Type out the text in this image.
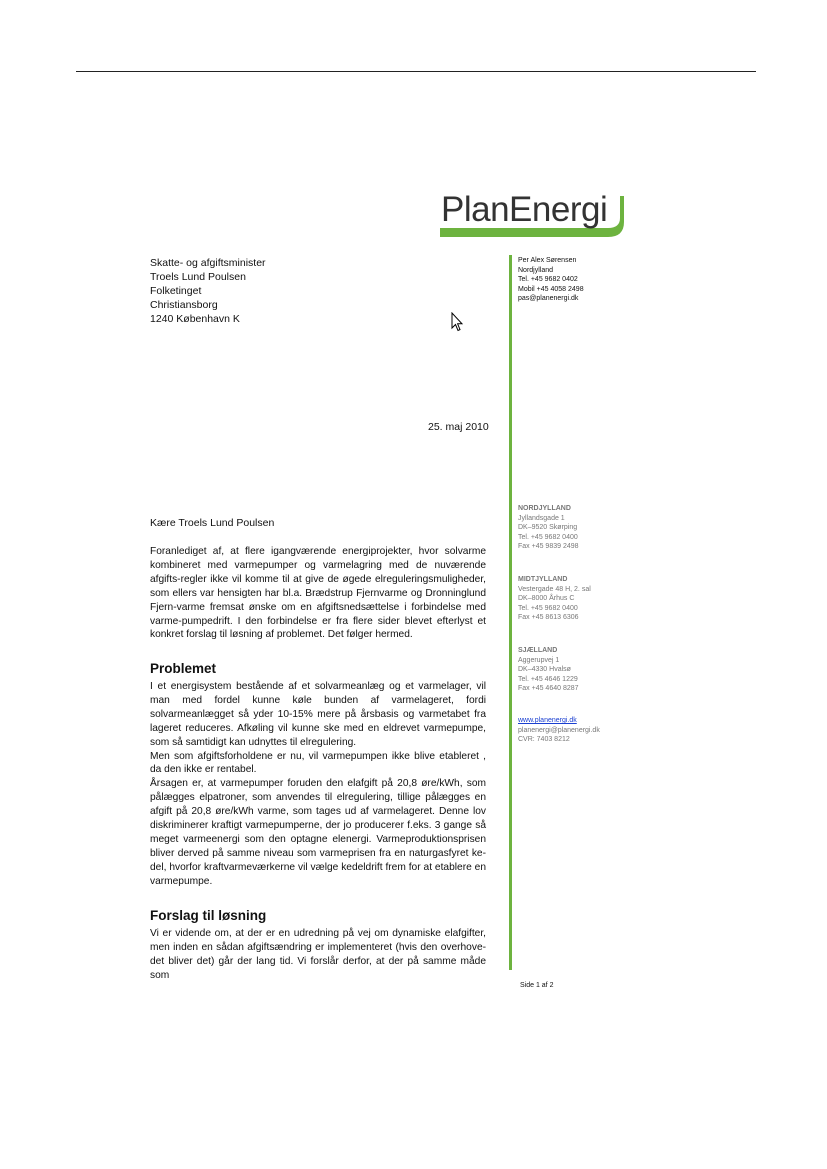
PlanEnergi
Skatte- og afgiftsminister
Troels Lund Poulsen
Folketinget
Christiansborg
1240 København K
Per Alex Sørensen
Nordjylland
Tel. +45 9682 0402
Mobil +45 4058 2498
pas@planenergi.dk
25. maj 2010
NORDJYLLAND
Jyllandsgade 1
DK–9520 Skørping
Tel. +45 9682 0400
Fax +45 9839 2498
MIDTJYLLAND
Vestergade 48 H, 2. sal
DK–8000 Århus C
Tel. +45 9682 0400
Fax +45 8613 6306
SJÆLLAND
Aggerupvej 1
DK–4330 Hvalsø
Tel. +45 4646 1229
Fax +45 4640 8287
www.planenergi.dk
planenergi@planenergi.dk
CVR: 7403 8212
Kære Troels Lund Poulsen

Foranlediget af, at flere igangværende energiprojekter, hvor solvarme kombineret med varmepumper og varmelagring med de nuværende afgifts-regler ikke vil komme til at give de øgede elreguleringsmuligheder, som ellers var hensigten har bl.a. Brædstrup Fjernvarme og Dronninglund Fjern-varme fremsat ønske om en afgiftsnedsættelse i forbindelse med varme-pumpedrift. I den forbindelse er fra flere sider blevet efterlyst et konkret forslag til løsning af problemet. Det følger hermed.

Problemet

I et energisystem bestående af et solvarmeanlæg og et varmelager, vil man med fordel kunne køle bunden af varmelageret, fordi solvarmeanlægget så yder 10-15% mere på årsbasis og varmetabet fra lageret reduceres. Afkøling vil kunne ske med en eldrevet varmepumpe, som så samtidigt kan udnyttes til elregulering.

Men som afgiftsforholdene er nu, vil varmepumpen ikke blive etableret , da den ikke er rentabel.

Årsagen er, at varmepumper foruden den elafgift på 20,8 øre/kWh, som pålægges elpatroner, som anvendes til elregulering, tillige pålægges en afgift på 20,8 øre/kWh varme, som tages ud af varmelageret. Denne lov diskriminerer kraftigt varmepumperne, der jo producerer f.eks. 3 gange så meget varmeenergi som den optagne elenergi. Varmeproduktionsprisen bliver derved på samme niveau som varmeprisen fra en naturgasfyret ke-del, hvorfor kraftvarmeværkerne vil vælge kedeldrift frem for at etablere en varmepumpe.

Forslag til løsning

Vi er vidende om, at der er en udredning på vej om dynamiske elafgifter, men inden en sådan afgiftsændring er implementeret (hvis den overhove-det bliver det) går der lang tid. Vi forslår derfor, at der på samme måde som

Side 1 af 2
